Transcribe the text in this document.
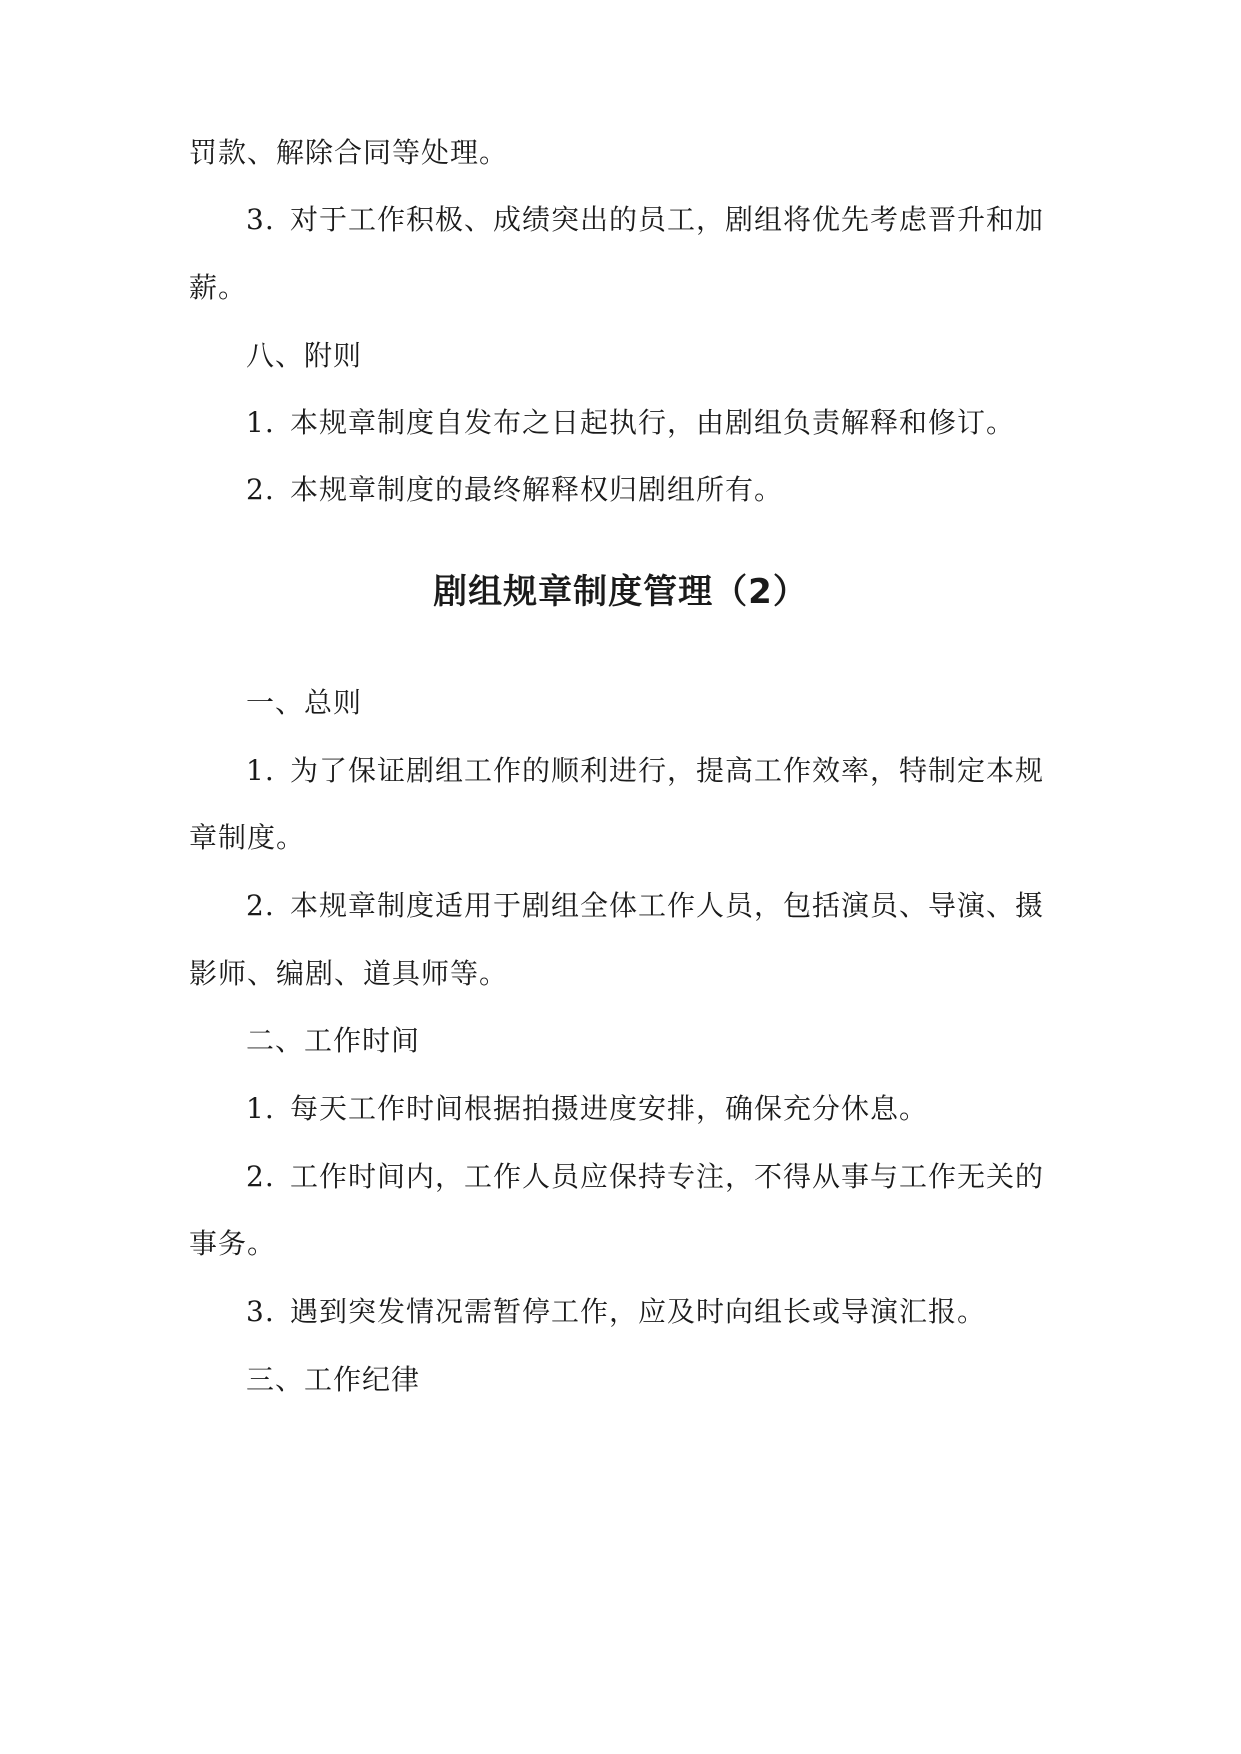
罚款、解除合同等处理。
3. 对于工作积极、成绩突出的员工，剧组将优先考虑晋升和加
薪。
八、附则
1. 本规章制度自发布之日起执行，由剧组负责解释和修订。
2. 本规章制度的最终解释权归剧组所有。
剧组规章制度管理（2）
一、总则
1. 为了保证剧组工作的顺利进行，提高工作效率，特制定本规
章制度。
2. 本规章制度适用于剧组全体工作人员，包括演员、导演、摄
影师、编剧、道具师等。
二、工作时间
1. 每天工作时间根据拍摄进度安排，确保充分休息。
2. 工作时间内，工作人员应保持专注，不得从事与工作无关的
事务。
3. 遇到突发情况需暂停工作，应及时向组长或导演汇报。
三、工作纪律
